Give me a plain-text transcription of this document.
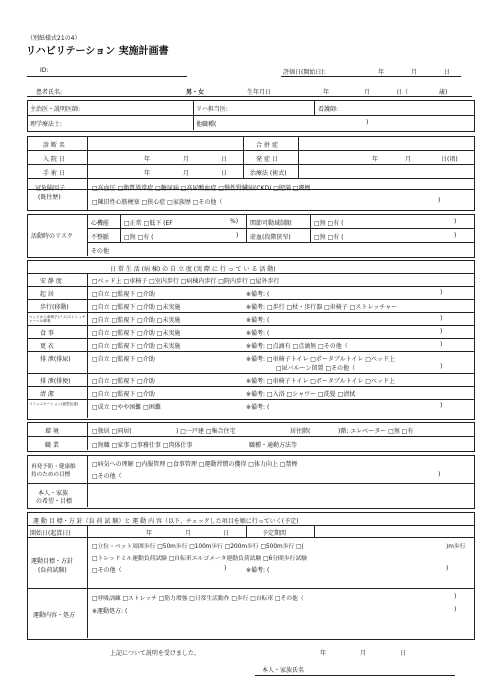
（別紙様式21の4）
リハビリテーション 実施計画書
ID:	評価日(開始日)：	年	月	日
患者氏名:	男・女	生年月日	年	月	日（	歳)
主治医・説明医師:	リハ担当医:	看護師:
理学療法士:	他職種(	)
診 断 名	合 併 症
入 院 日	年	月	日	発 症 日	年	月	日(頃)
手 術 日	年	月	日	治療法 (術式)
冠危険因子
(既往歴)
□高血圧 □脂質異常症 □糖尿病 □高尿酸血症 □慢性腎臓病(CKD) □肥満 □喫煙
□陳旧性心筋梗塞 □狭心症 □家族歴 □その他（	)
活動時のリスク
心機能 □正常 □低下 (EF	%) 関節可動域制限	□無 □有 (	)
不整脈 □無 □有 (	) 虚血(段階狭窄)	□無 □有 (	)
その他
日 常 生 活 (病 棟) の 自 立 度 (実 際 に 行 っ て い る 活 動)
安 静 度	□ベッド上 □車椅子 □室内歩行 □病棟内歩行 □院内歩行 □屋外歩行
起 居	□自立 □監視下 □介助	※備考: (	)
歩行(移動)	□自立 □監視下 □介助 □未実施	※備考: □歩行 □杖・歩行器 □車椅子 □ストレッチャー
ベッドから車椅子(イス)ストレッチャーへの移乗	□自立 □監視下 □介助 □未実施	※備考: (	)
食 事	□自立 □監視下 □介助 □未実施	※備考: (	)
更 衣	□自立 □監視下 □介助 □未実施	※備考: □点滴有 □点滴無 □その他（	)
排 泄(排尿)	□自立 □監視下 □介助	※備考: □車椅子トイレ □ポータブルトイレ □ベッド上
□尿バルーン留置 □その他（	)
排 泄(排便)	□自立 □監視下 □介助	※備考: □車椅子トイレ □ポータブルトイレ □ベッド上
清 潔	□自立 □監視下 □介助	※備考: □入浴 □シャワー □洗髪 □清拭
コミュニケーション(意思伝達)	□成立 □やや困難 □困難	※備考: (	)
環 境	□独居 □同居(	) □一戸建 □集合住宅	居住階(	)階: エレベーター □無 □有
職 業	□無職 □家事 □事務仕事 □肉体仕事	職種・通勤方法等
再発予防・健康維
持のための目標
□病気への理解 □内服管理 □食事管理 □運動習慣の獲得 □体力向上 □禁煙
□その他（	)
本人・家族
の希望・目標
運 動 目 標・方 針（負 荷 試 験）と 運 動 内 容（以下、チェックした項目を順に行っていく(予定)
開始日(起算日)	年	月	日	予定期間
運動目標・方針
(負荷試験)
□立位・ベット周囲歩行 □50m歩行 □100m歩行 □200m歩行 □500m歩行 □(	)m歩行
□トレッドミル運動負荷試験 □自転車エルゴメータ運動負荷試験 □6分間歩行試験
□その他（	)	※備考: (	)
運動内容・処方
□呼吸訓練 □ストレッチ □筋力増強 □日常生活動作 □歩行 □自転車 □その他（	)
※運動処方: (	)
上記について説明を受けました。	年	月	日
本人・家族氏名
